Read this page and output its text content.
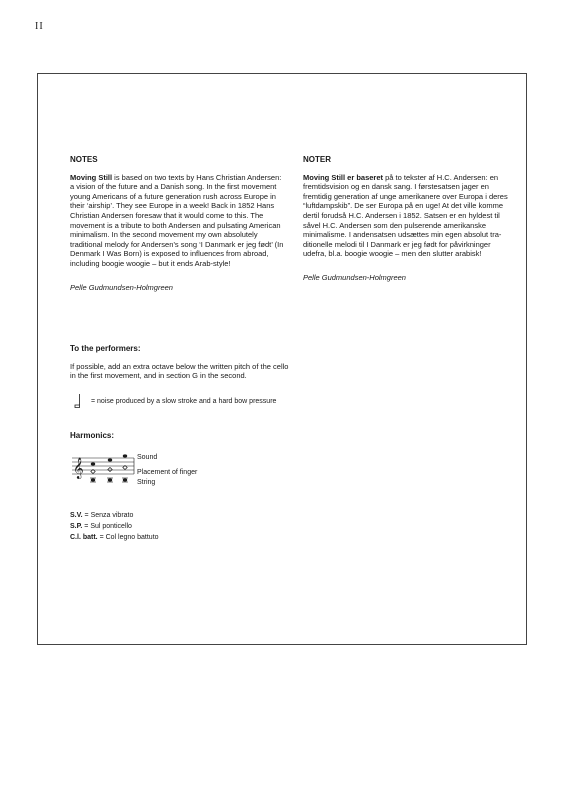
II
NOTES

Moving Still is based on two texts by Hans Christian Andersen: a vision of the future and a Danish song. In the first movement young Americans of a future generation rush across Europe in their ‘airship’. They see Europe in a week! Back in 1852 Hans Christian Andersen foresaw that it would come to this. The movement is a tribute to both Andersen and pulsating American minimalism. In the second movement my own absolutely traditional melody for Andersen’s song ‘I Danmark er jeg født’ (In Denmark I Was Born) is exposed to influences from abroad, including boogie woogie – but it ends Arab-style!

Pelle Gudmundsen-Holmgreen
NOTER

Moving Still er baseret på to tekster af H.C. Andersen: en fremtidsvision og en dansk sang. I førstesatsen jager en fremtidig generation af unge amerikanere over Europa i deres “luftdampskib”. De ser Europa på en uge! At det ville komme dertil forudså H.C. Andersen i 1852. Satsen er en hyldest til såvel H.C. Andersen som den pulserende amerikanske minimalisme. I andensatsen udsættes min egen absolut tra-ditionelle melodi til I Danmark er jeg født for påvirkninger udefra, bl.a. boogie woogie – men den slutter arabisk!

Pelle Gudmundsen-Holmgreen
To the performers:
If possible, add an extra octave below the written pitch of the cello in the first movement, and in section G in the second.
= noise produced by a slow stroke and a hard bow pressure
Harmonics:
𝄞
Sound
Placement of finger
String
S.V. = Senza vibrato
S.P. = Sul ponticello
C.l. batt. = Col legno battuto
